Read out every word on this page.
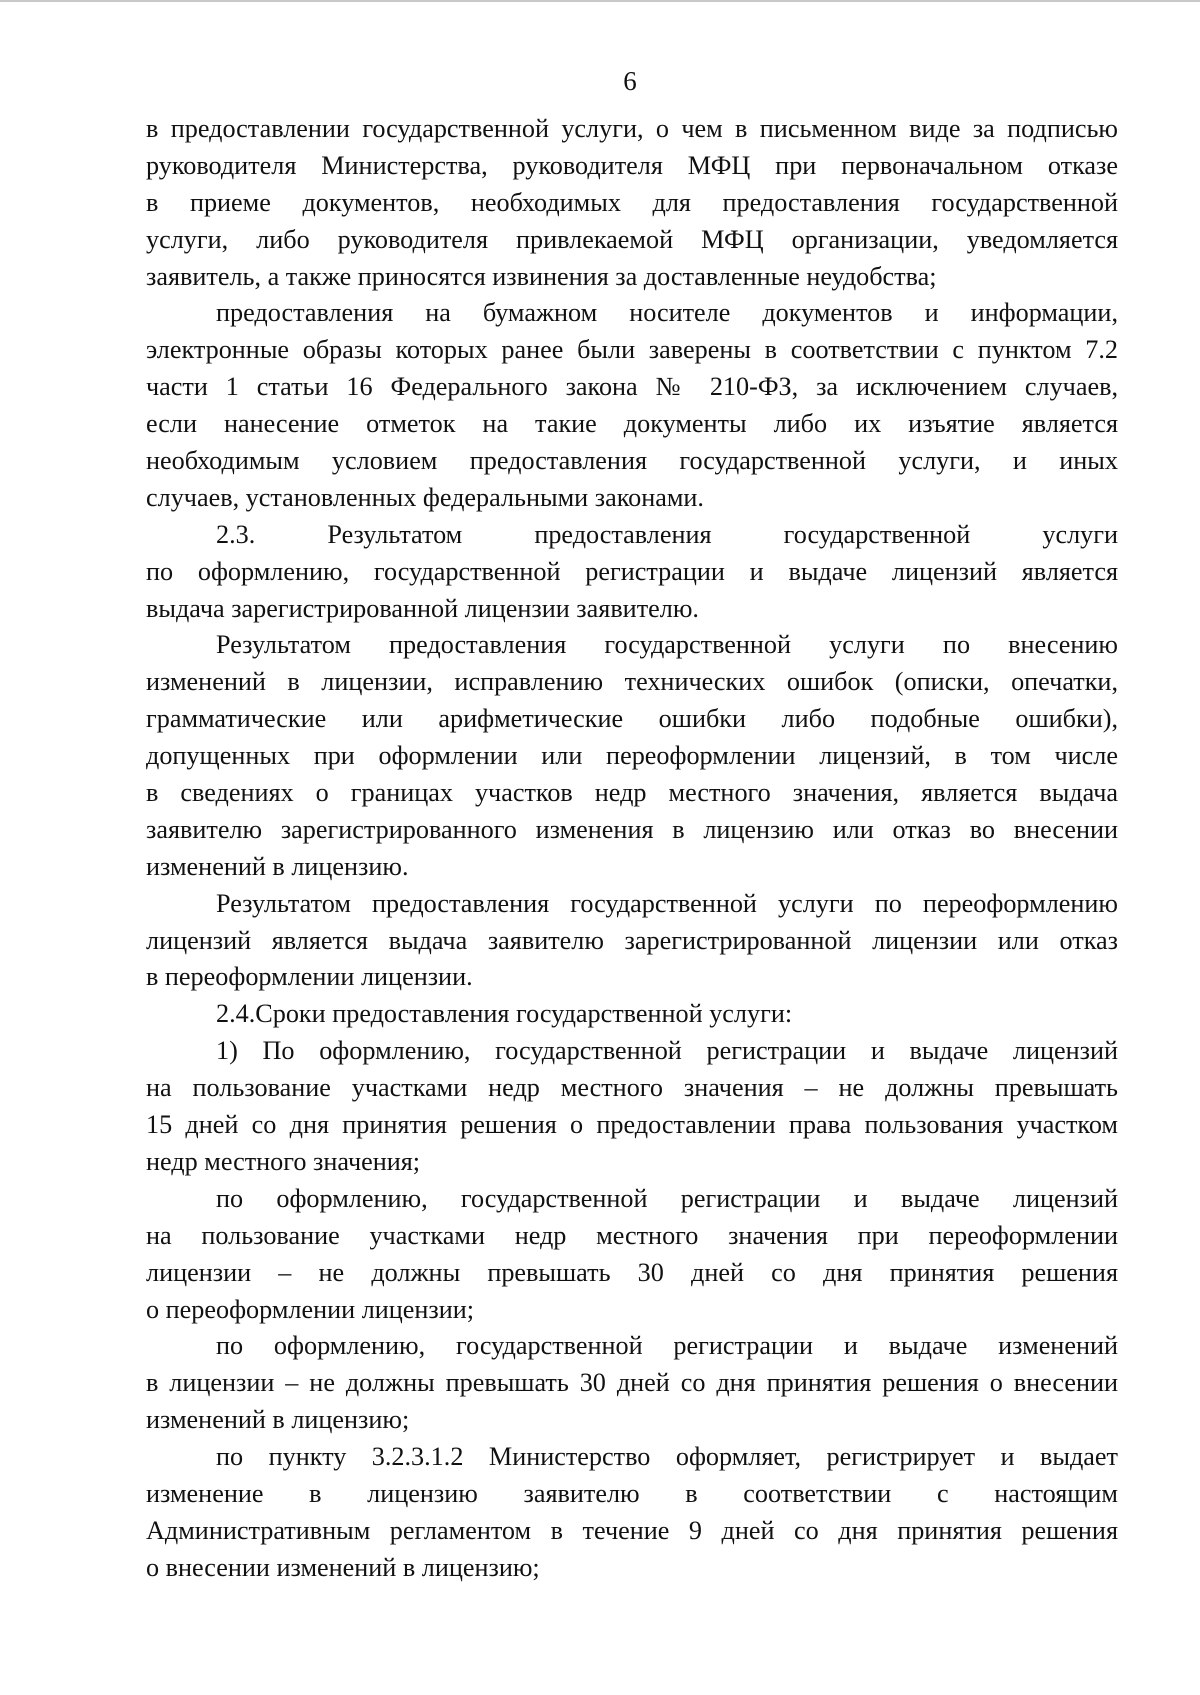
6
в предоставлении государственной услуги, о чем в письменном виде за подписью
руководителя Министерства, руководителя МФЦ при первоначальном отказе
в приеме документов, необходимых для предоставления государственной
услуги, либо руководителя привлекаемой МФЦ организации, уведомляется
заявитель, а также приносятся извинения за доставленные неудобства;
предоставления на бумажном носителе документов и информации,
электронные образы которых ранее были заверены в соответствии с пунктом 7.2
части 1 статьи 16 Федерального закона № 210-ФЗ, за исключением случаев,
если нанесение отметок на такие документы либо их изъятие является
необходимым условием предоставления государственной услуги, и иных
случаев, установленных федеральными законами.
2.3. Результатом предоставления государственной услуги
по оформлению, государственной регистрации и выдаче лицензий является
выдача зарегистрированной лицензии заявителю.
Результатом предоставления государственной услуги по внесению
изменений в лицензии, исправлению технических ошибок (описки, опечатки,
грамматические или арифметические ошибки либо подобные ошибки),
допущенных при оформлении или переоформлении лицензий, в том числе
в сведениях о границах участков недр местного значения, является выдача
заявителю зарегистрированного изменения в лицензию или отказ во внесении
изменений в лицензию.
Результатом предоставления государственной услуги по переоформлению
лицензий является выдача заявителю зарегистрированной лицензии или отказ
в переоформлении лицензии.
2.4.Сроки предоставления государственной услуги:
1) По оформлению, государственной регистрации и выдаче лицензий
на пользование участками недр местного значения – не должны превышать
15 дней со дня принятия решения о предоставлении права пользования участком
недр местного значения;
по оформлению, государственной регистрации и выдаче лицензий
на пользование участками недр местного значения при переоформлении
лицензии – не должны превышать 30 дней со дня принятия решения
о переоформлении лицензии;
по оформлению, государственной регистрации и выдаче изменений
в лицензии – не должны превышать 30 дней со дня принятия решения о внесении
изменений в лицензию;
по пункту 3.2.3.1.2 Министерство оформляет, регистрирует и выдает
изменение в лицензию заявителю в соответствии с настоящим
Административным регламентом в течение 9 дней со дня принятия решения
о внесении изменений в лицензию;
